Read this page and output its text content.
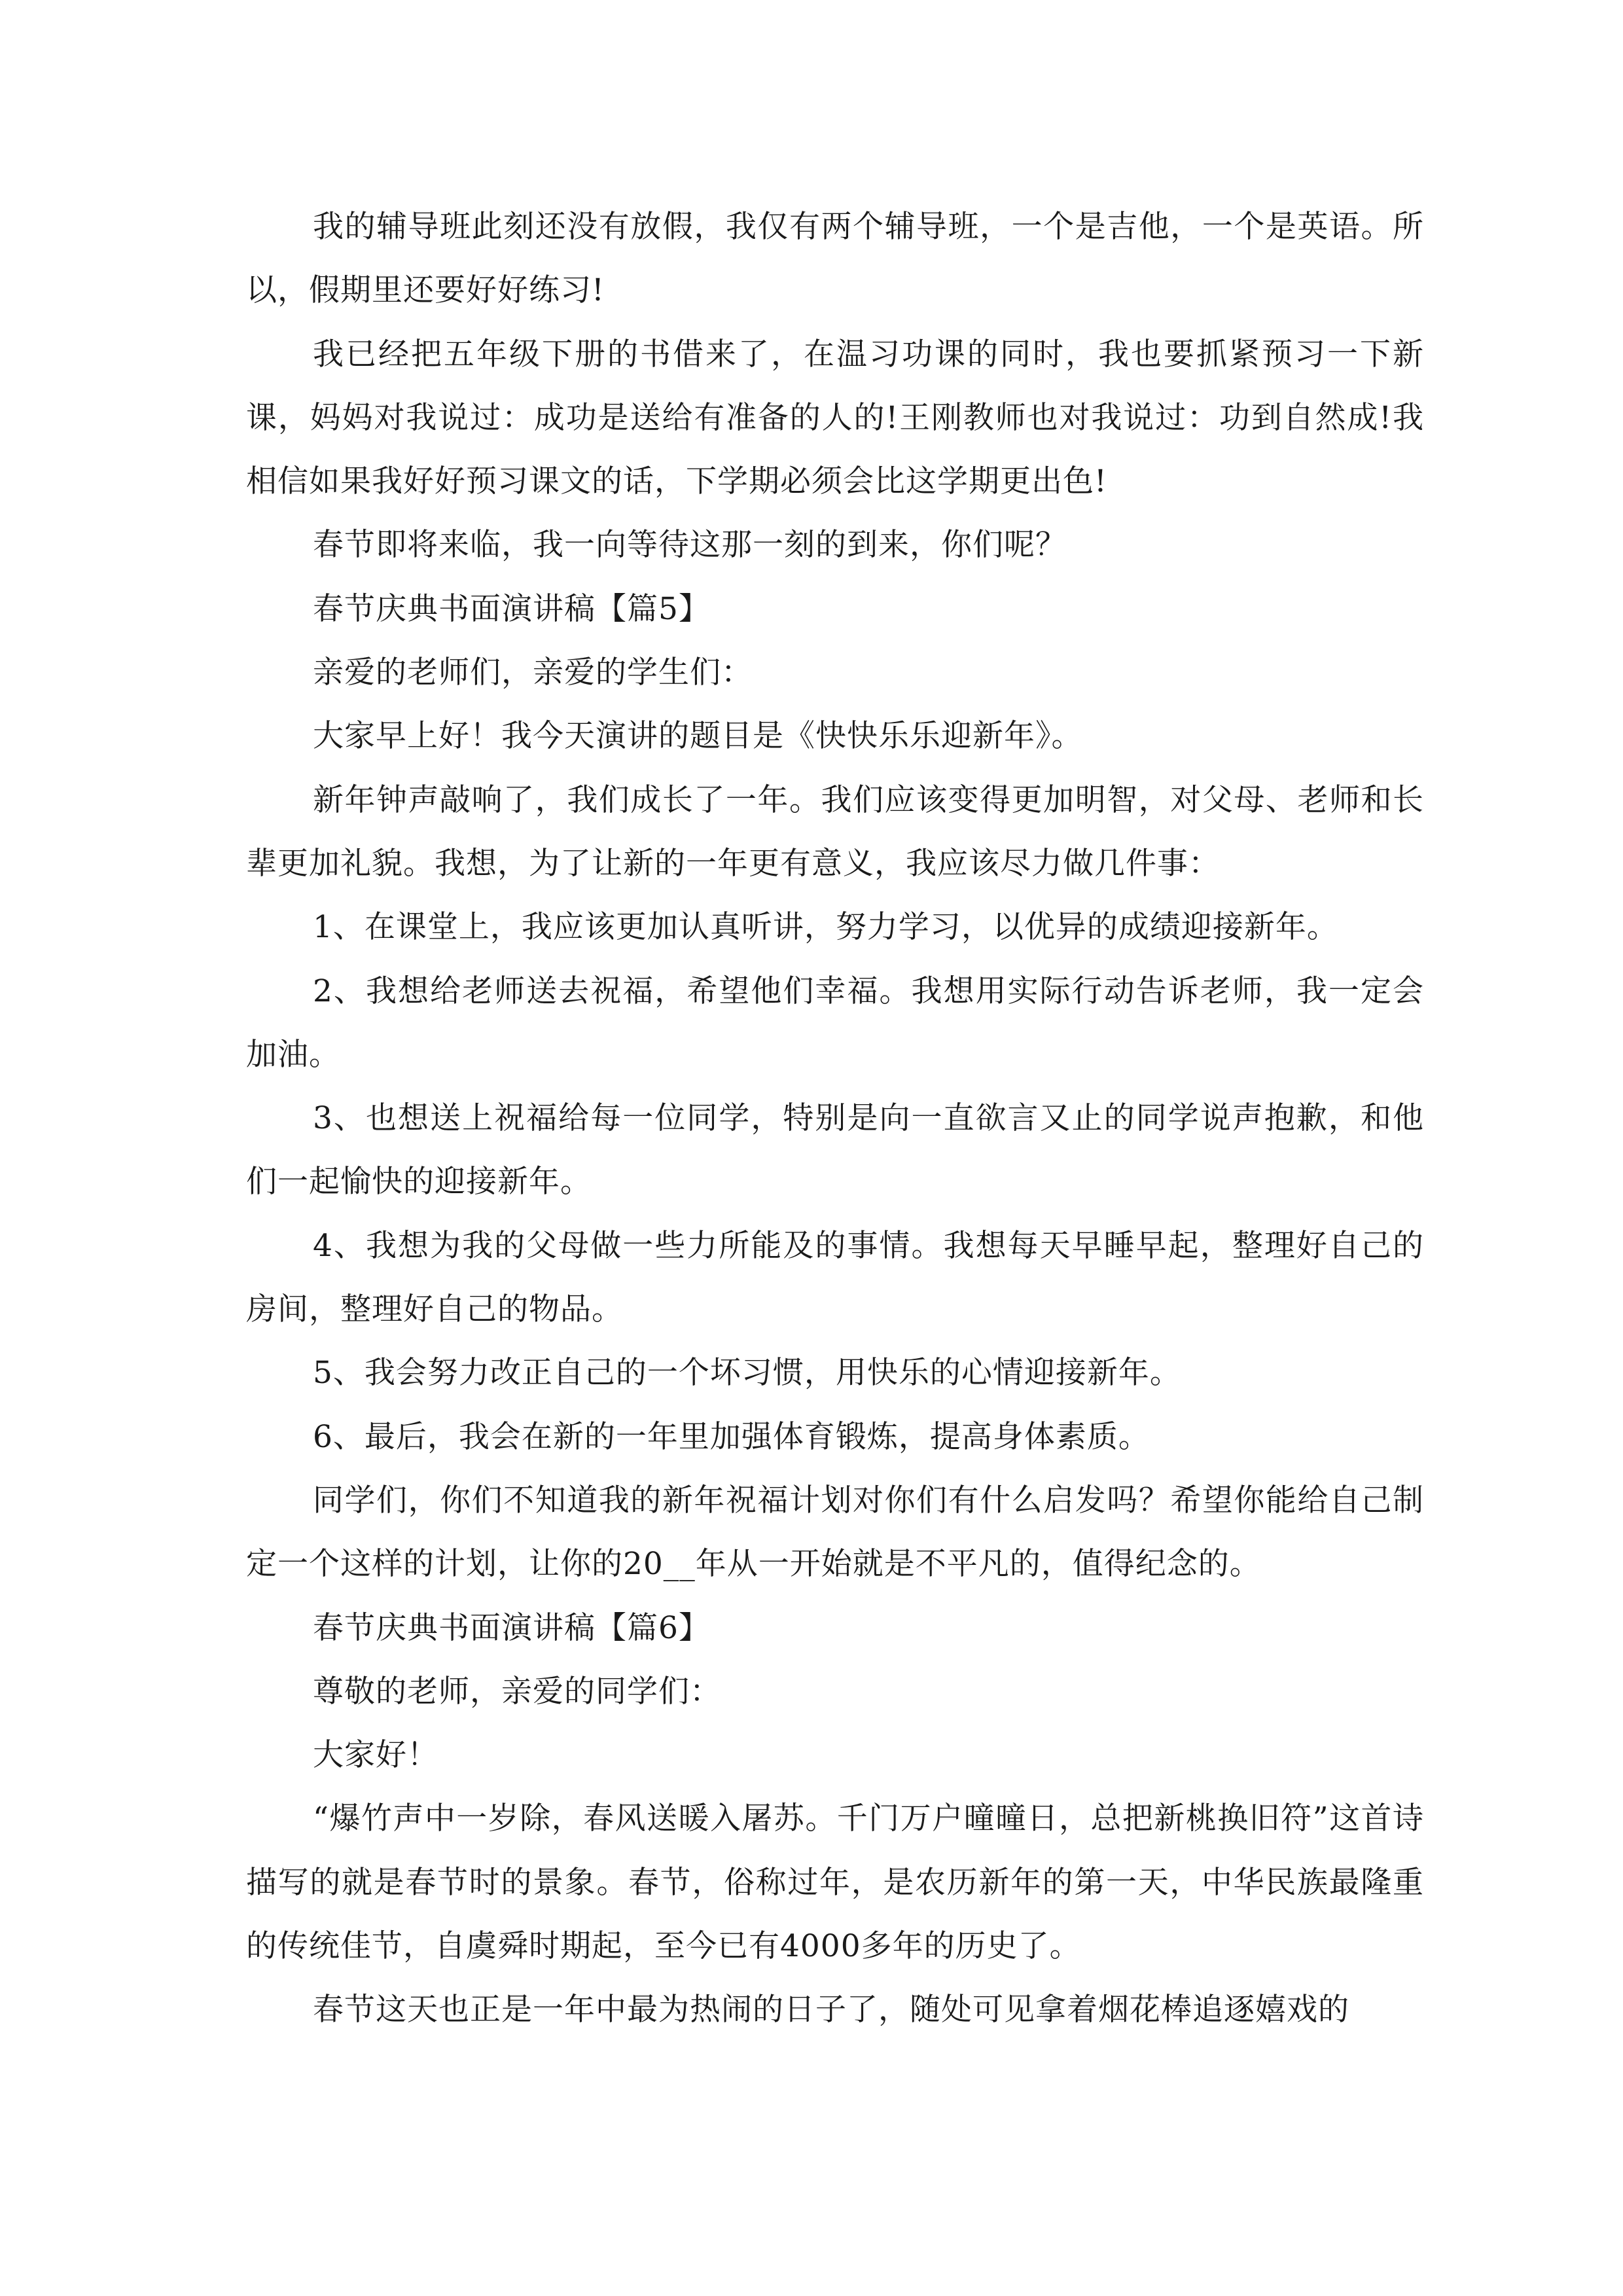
我的辅导班此刻还没有放假，我仅有两个辅导班，一个是吉他，一个是英语。所以，假期里还要好好练习!

我已经把五年级下册的书借来了，在温习功课的同时，我也要抓紧预习一下新课，妈妈对我说过：成功是送给有准备的人的!王刚教师也对我说过：功到自然成!我相信如果我好好预习课文的话，下学期必须会比这学期更出色!

春节即将来临，我一向等待这那一刻的到来，你们呢？

春节庆典书面演讲稿【篇5】

亲爱的老师们，亲爱的学生们：

大家早上好！我今天演讲的题目是《快快乐乐迎新年》。

新年钟声敲响了，我们成长了一年。我们应该变得更加明智，对父母、老师和长辈更加礼貌。我想，为了让新的一年更有意义，我应该尽力做几件事：

1、在课堂上，我应该更加认真听讲，努力学习，以优异的成绩迎接新年。

2、我想给老师送去祝福，希望他们幸福。我想用实际行动告诉老师，我一定会加油。

3、也想送上祝福给每一位同学，特别是向一直欲言又止的同学说声抱歉，和他们一起愉快的迎接新年。

4、我想为我的父母做一些力所能及的事情。我想每天早睡早起，整理好自己的房间，整理好自己的物品。

5、我会努力改正自己的一个坏习惯，用快乐的心情迎接新年。

6、最后，我会在新的一年里加强体育锻炼，提高身体素质。

同学们，你们不知道我的新年祝福计划对你们有什么启发吗？希望你能给自己制定一个这样的计划，让你的20__年从一开始就是不平凡的，值得纪念的。

春节庆典书面演讲稿【篇6】

尊敬的老师，亲爱的同学们：

大家好！

“爆竹声中一岁除，春风送暖入屠苏。千门万户曈曈日，总把新桃换旧符”这首诗描写的就是春节时的景象。春节，俗称过年，是农历新年的第一天，中华民族最隆重的传统佳节，自虞舜时期起，至今已有4000多年的历史了。

春节这天也正是一年中最为热闹的日子了，随处可见拿着烟花棒追逐嬉戏的
